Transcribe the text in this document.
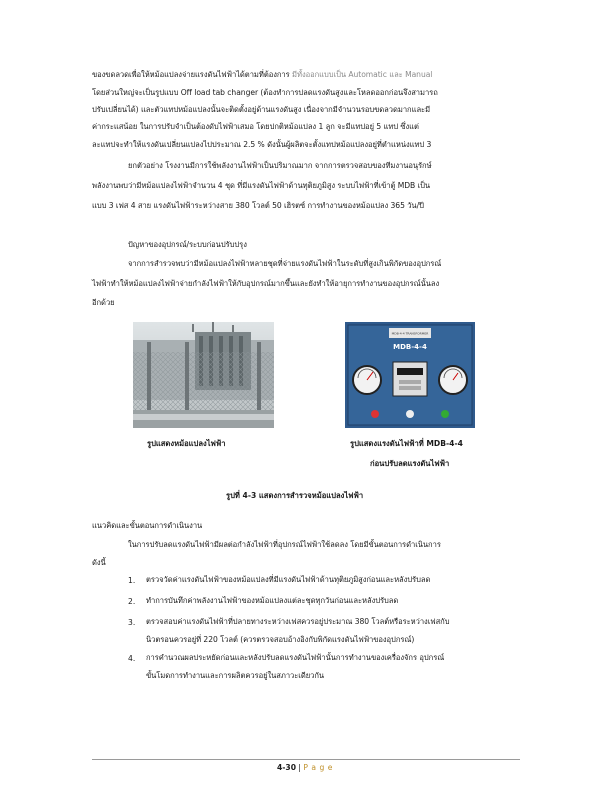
ของขดลวดเพื่อให้หม้อแปลงจ่ายแรงดันไฟฟ้าได้ตามที่ต้องการ มีทั้งออกแบบเป็น Automatic และ Manual
โดยส่วนใหญ่จะเป็นรูปแบบ Off load tab changer (ต้องทำการปลดแรงดันสูงและโหลดออกก่อนจึงสามารถ
ปรับเปลี่ยนได้) และตัวแทปหม้อแปลงนั้นจะติดตั้งอยู่ด้านแรงดันสูง เนื่องจากมีจำนวนรอบขดลวดมากและมี
ค่ากระแสน้อย ในการปรับจำเป็นต้องดับไฟฟ้าเสมอ โดยปกติหม้อแปลง 1 ลูก จะมีแทปอยู่ 5 แทป ซึ่งแต่
ละแทปจะทำให้แรงดันเปลี่ยนแปลงไปประมาณ 2.5 % ดังนั้นผู้ผลิตจะตั้งแทปหม้อแปลงอยู่ที่ตำแหน่งแทป 3
ยกตัวอย่าง โรงงานมีการใช้พลังงานไฟฟ้าเป็นปริมาณมาก จากการตรวจสอบของทีมงานอนุรักษ์
พลังงานพบว่ามีหม้อแปลงไฟฟ้าจำนวน 4 ชุด ที่มีแรงดันไฟฟ้าด้านทุติยภูมิสูง ระบบไฟฟ้าที่เข้าตู้ MDB เป็น
แบบ 3 เฟส 4 สาย แรงดันไฟฟ้าระหว่างสาย 380 โวลต์ 50 เฮิรตซ์ การทำงานของหม้อแปลง 365 วัน/ปี
ปัญหาของอุปกรณ์/ระบบก่อนปรับปรุง
จากการสำรวจพบว่ามีหม้อแปลงไฟฟ้าหลายชุดที่จ่ายแรงดันไฟฟ้าในระดับที่สูงเกินพิกัดของอุปกรณ์
ไฟฟ้าทำให้หม้อแปลงไฟฟ้าจ่ายกำลังไฟฟ้าให้กับอุปกรณ์มากขึ้นและยังทำให้อายุการทำงานของอุปกรณ์นั้นลง
อีกด้วย
MDB-4-4 TRANSFORMER
MDB-4-4
รูปแสดงหม้อแปลงไฟฟ้า	รูปแสดงแรงดันไฟฟ้าที่ MDB-4-4
ก่อนปรับลดแรงดันไฟฟ้า
รูปที่ 4-3 แสดงการสำรวจหม้อแปลงไฟฟ้า
แนวคิดและขั้นตอนการดำเนินงาน
ในการปรับลดแรงดันไฟฟ้ามีผลต่อกำลังไฟฟ้าที่อุปกรณ์ไฟฟ้าใช้ลดลง โดยมีขั้นตอนการดำเนินการ
ดังนี้
1. ตรวจวัดค่าแรงดันไฟฟ้าของหม้อแปลงที่มีแรงดันไฟฟ้าด้านทุติยภูมิสูงก่อนและหลังปรับลด
2. ทำการบันทึกค่าพลังงานไฟฟ้าของหม้อแปลงแต่ละชุดทุกวันก่อนและหลังปรับลด
3. ตรวจสอบค่าแรงดันไฟฟ้าที่ปลายทางระหว่างเฟสควรอยู่ประมาณ 380 โวลต์หรือระหว่างเฟสกับ
นิวตรอนควรอยู่ที่ 220 โวลต์ (ควรตรวจสอบอ้างอิงกับพิกัดแรงดันไฟฟ้าของอุปกรณ์)
4. การคำนวณผลประหยัดก่อนและหลังปรับลดแรงดันไฟฟ้านั้นการทำงานของเครื่องจักร อุปกรณ์
ขั้นโมดการทำงานและการผลิตควรอยู่ในสภาวะเดียวกัน
4-30 | P a g e
